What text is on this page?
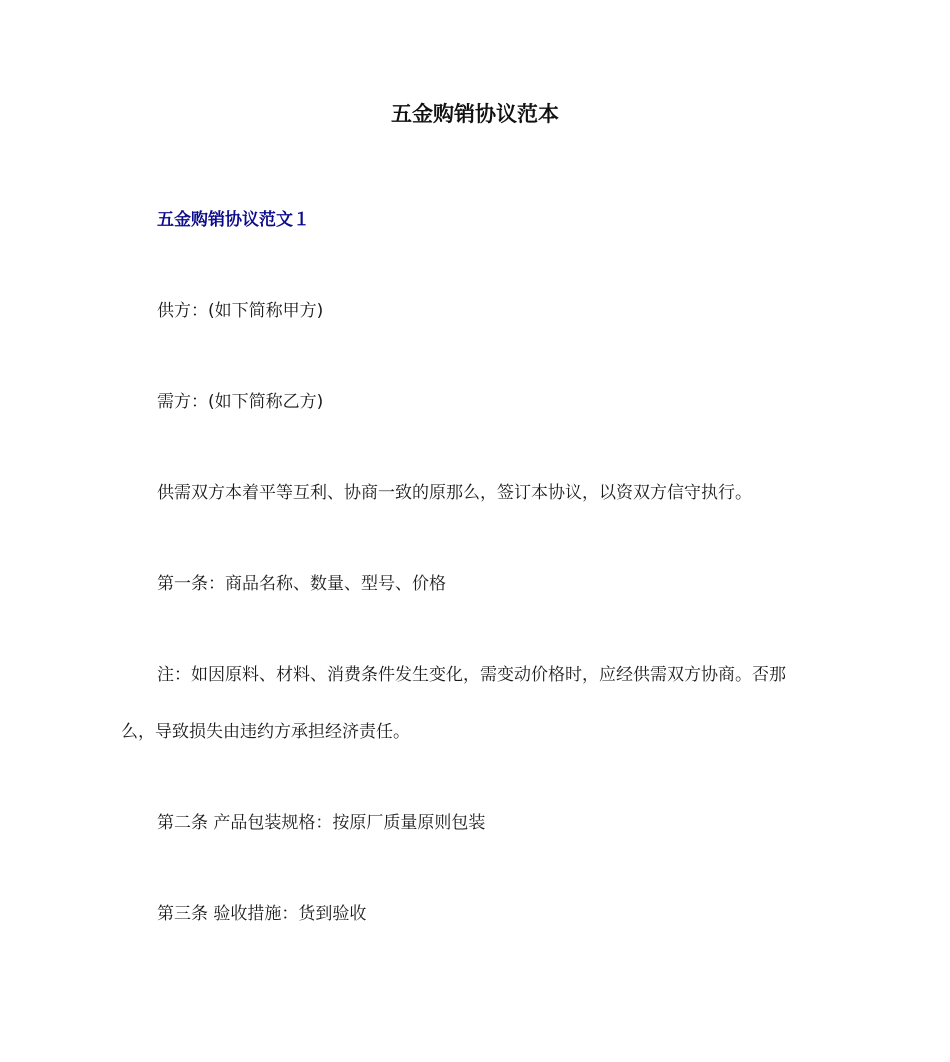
五金购销协议范本
五金购销协议范文１
供方：(如下简称甲方)
需方：(如下简称乙方)
供需双方本着平等互利、协商一致的原那么，签订本协议，以资双方信守执行。
第一条：商品名称、数量、型号、价格
注：如因原料、材料、消费条件发生变化，需变动价格时，应经供需双方协商。否那
么，导致损失由违约方承担经济责任。
第二条 产品包装规格：按原厂质量原则包装
第三条 验收措施：货到验收
